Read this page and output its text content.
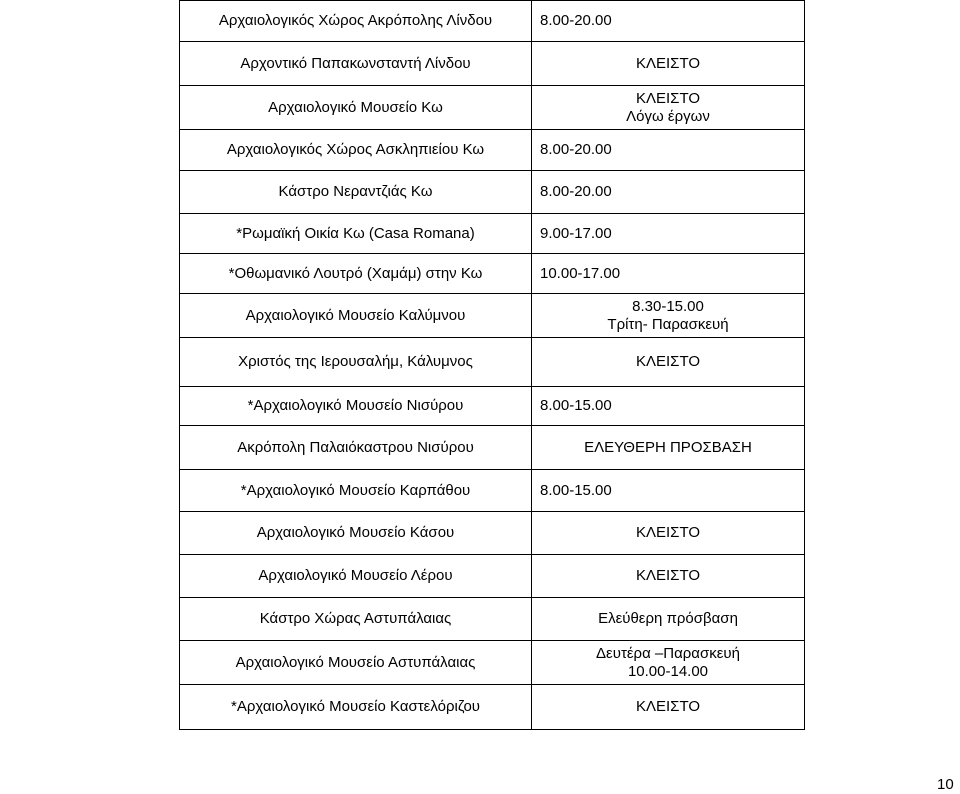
Αρχαιολογικός Χώρος Ακρόπολης Λίνδου	8.00-20.00

Αρχοντικό Παπακωνσταντή Λίνδου	ΚΛΕΙΣΤΟ

Αρχαιολογικό Μουσείο Κω	ΚΛΕΙΣΤΟ
Λόγω έργων

Αρχαιολογικός Χώρος Ασκληπιείου Κω	8.00-20.00

Κάστρο Νεραντζιάς Κω	8.00-20.00

*Ρωμαϊκή Οικία Κω (Casa Romana)	9.00-17.00

*Οθωμανικό Λουτρό (Χαμάμ) στην Κω	10.00-17.00

Αρχαιολογικό Μουσείο Καλύμνου	8.30-15.00
Τρίτη- Παρασκευή

Χριστός της Ιερουσαλήμ, Κάλυμνος	ΚΛΕΙΣΤΟ

*Αρχαιολογικό Μουσείο Νισύρου	8.00-15.00

Ακρόπολη Παλαιόκαστρου Νισύρου	ΕΛΕΥΘΕΡΗ ΠΡΟΣΒΑΣΗ

*Αρχαιολογικό Μουσείο Καρπάθου	8.00-15.00

Αρχαιολογικό Μουσείο Κάσου	ΚΛΕΙΣΤΟ

Αρχαιολογικό Μουσείο Λέρου	ΚΛΕΙΣΤΟ

Κάστρο Χώρας Αστυπάλαιας	Ελεύθερη πρόσβαση

Αρχαιολογικό Μουσείο Αστυπάλαιας	Δευτέρα –Παρασκευή
10.00-14.00

*Αρχαιολογικό Μουσείο Καστελόριζου	ΚΛΕΙΣΤΟ
10
